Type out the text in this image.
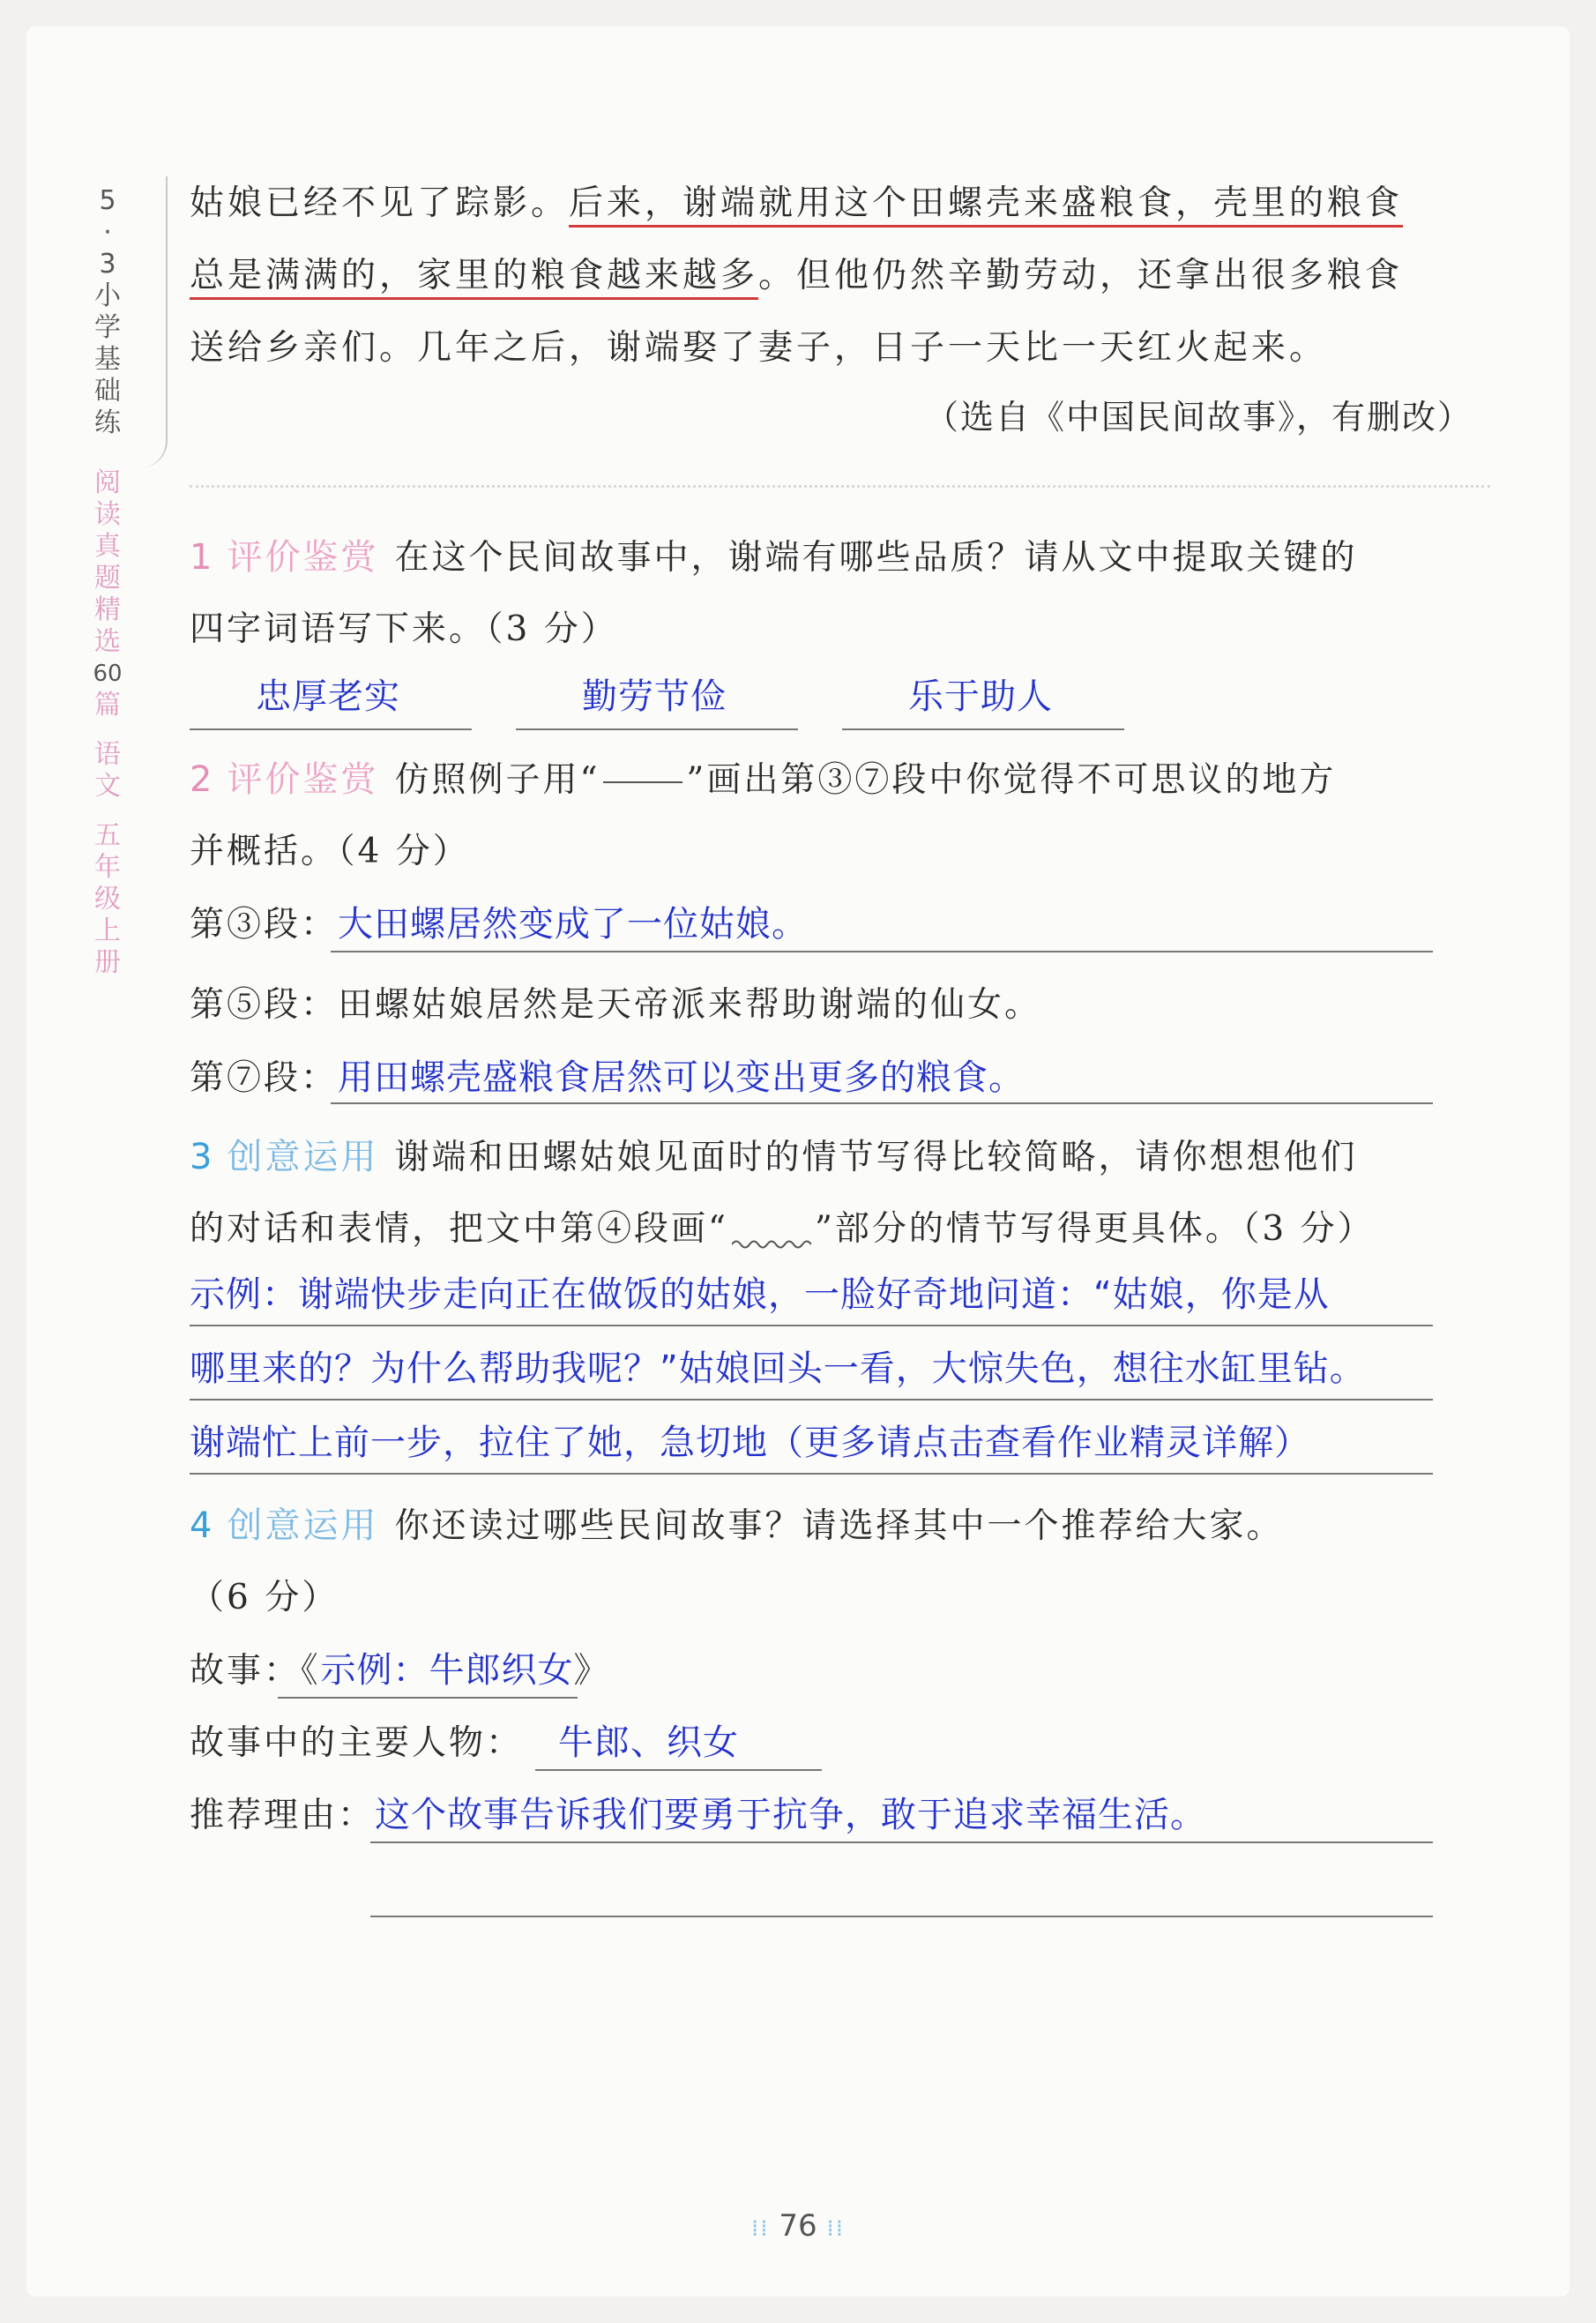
5
·
3
小
学
基
础
练
阅
读
真
题
精
选
60
篇
语
文
五
年
级
上
册

姑娘已经不见了踪影。后来，谢端就用这个田螺壳来盛粮食，壳里的粮食

总是满满的，家里的粮食越来越多。但他仍然辛勤劳动，还拿出很多粮食

送给乡亲们。几年之后，谢端娶了妻子，日子一天比一天红火起来。

（选自《中国民间故事》，有删改）
1 评价鉴赏 在这个民间故事中，谢端有哪些品质？请从文中提取关键的
四字词语写下来。（3 分）
忠厚老实	勤劳节俭	乐于助人
2 评价鉴赏 仿照例子用“	”画出第③⑦段中你觉得不可思议的地方
并概括。（4 分）
第③段：大田螺居然变成了一位姑娘。
第⑤段：田螺姑娘居然是天帝派来帮助谢端的仙女。
第⑦段：用田螺壳盛粮食居然可以变出更多的粮食。
3 创意运用 谢端和田螺姑娘见面时的情节写得比较简略，请你想想他们
的对话和表情，把文中第④段画“	”部分的情节写得更具体。（3 分）
示例：谢端快步走向正在做饭的姑娘，一脸好奇地问道：“姑娘，你是从
哪里来的？为什么帮助我呢？”姑娘回头一看，大惊失色，想往水缸里钻。
谢端忙上前一步，拉住了她，急切地（更多请点击查看作业精灵详解）
4 创意运用 你还读过哪些民间故事？请选择其中一个推荐给大家。
（6 分）
故事：《示例：牛郎织女》
故事中的主要人物： 牛郎、织女
推荐理由：这个故事告诉我们要勇于抗争，敢于追求幸福生活。
⁞⁞ 76 ⁞⁞
